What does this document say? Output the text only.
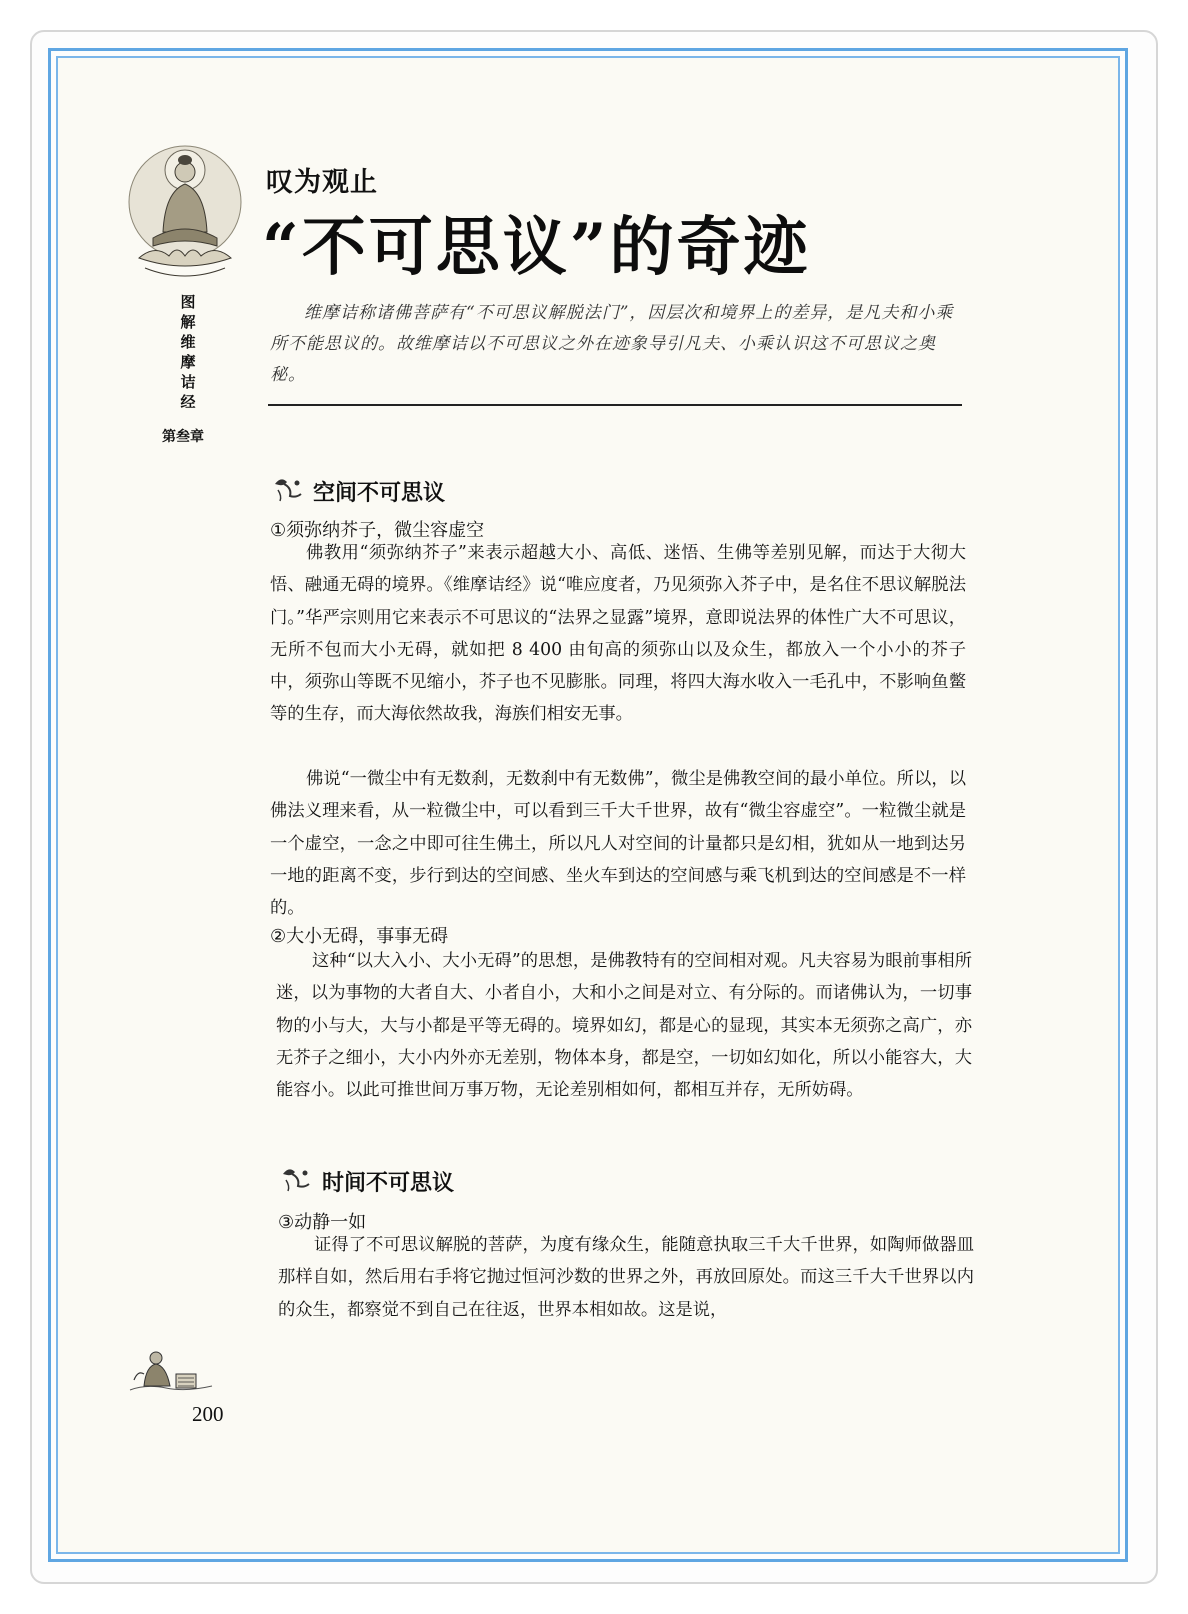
图
解
维
摩
诘
经
第叁章
叹为观止
“不可思议”的奇迹
维摩诘称诸佛菩萨有“不可思议解脱法门”，因层次和境界上的差异，是凡夫和小乘所不能思议的。故维摩诘以不可思议之外在迹象导引凡夫、小乘认识这不可思议之奥秘。
空间不可思议
①须弥纳芥子，微尘容虚空
佛教用“须弥纳芥子”来表示超越大小、高低、迷悟、生佛等差别见解，而达于大彻大悟、融通无碍的境界。《维摩诘经》说“唯应度者，乃见须弥入芥子中，是名住不思议解脱法门。”华严宗则用它来表示不可思议的“法界之显露”境界，意即说法界的体性广大不可思议，无所不包而大小无碍，就如把 8 400 由旬高的须弥山以及众生，都放入一个小小的芥子中，须弥山等既不见缩小，芥子也不见膨胀。同理，将四大海水收入一毛孔中，不影响鱼鳖等的生存，而大海依然故我，海族们相安无事。
佛说“一微尘中有无数刹，无数刹中有无数佛”，微尘是佛教空间的最小单位。所以，以佛法义理来看，从一粒微尘中，可以看到三千大千世界，故有“微尘容虚空”。一粒微尘就是一个虚空，一念之中即可往生佛土，所以凡人对空间的计量都只是幻相，犹如从一地到达另一地的距离不变，步行到达的空间感、坐火车到达的空间感与乘飞机到达的空间感是不一样的。
②大小无碍，事事无碍
这种“以大入小、大小无碍”的思想，是佛教特有的空间相对观。凡夫容易为眼前事相所迷，以为事物的大者自大、小者自小，大和小之间是对立、有分际的。而诸佛认为，一切事物的小与大，大与小都是平等无碍的。境界如幻，都是心的显现，其实本无须弥之高广，亦无芥子之细小，大小内外亦无差别，物体本身，都是空，一切如幻如化，所以小能容大，大能容小。以此可推世间万事万物，无论差别相如何，都相互并存，无所妨碍。
时间不可思议
③动静一如
证得了不可思议解脱的菩萨，为度有缘众生，能随意执取三千大千世界，如陶师做器皿那样自如，然后用右手将它抛过恒河沙数的世界之外，再放回原处。而这三千大千世界以内的众生，都察觉不到自己在往返，世界本相如故。这是说，
200
